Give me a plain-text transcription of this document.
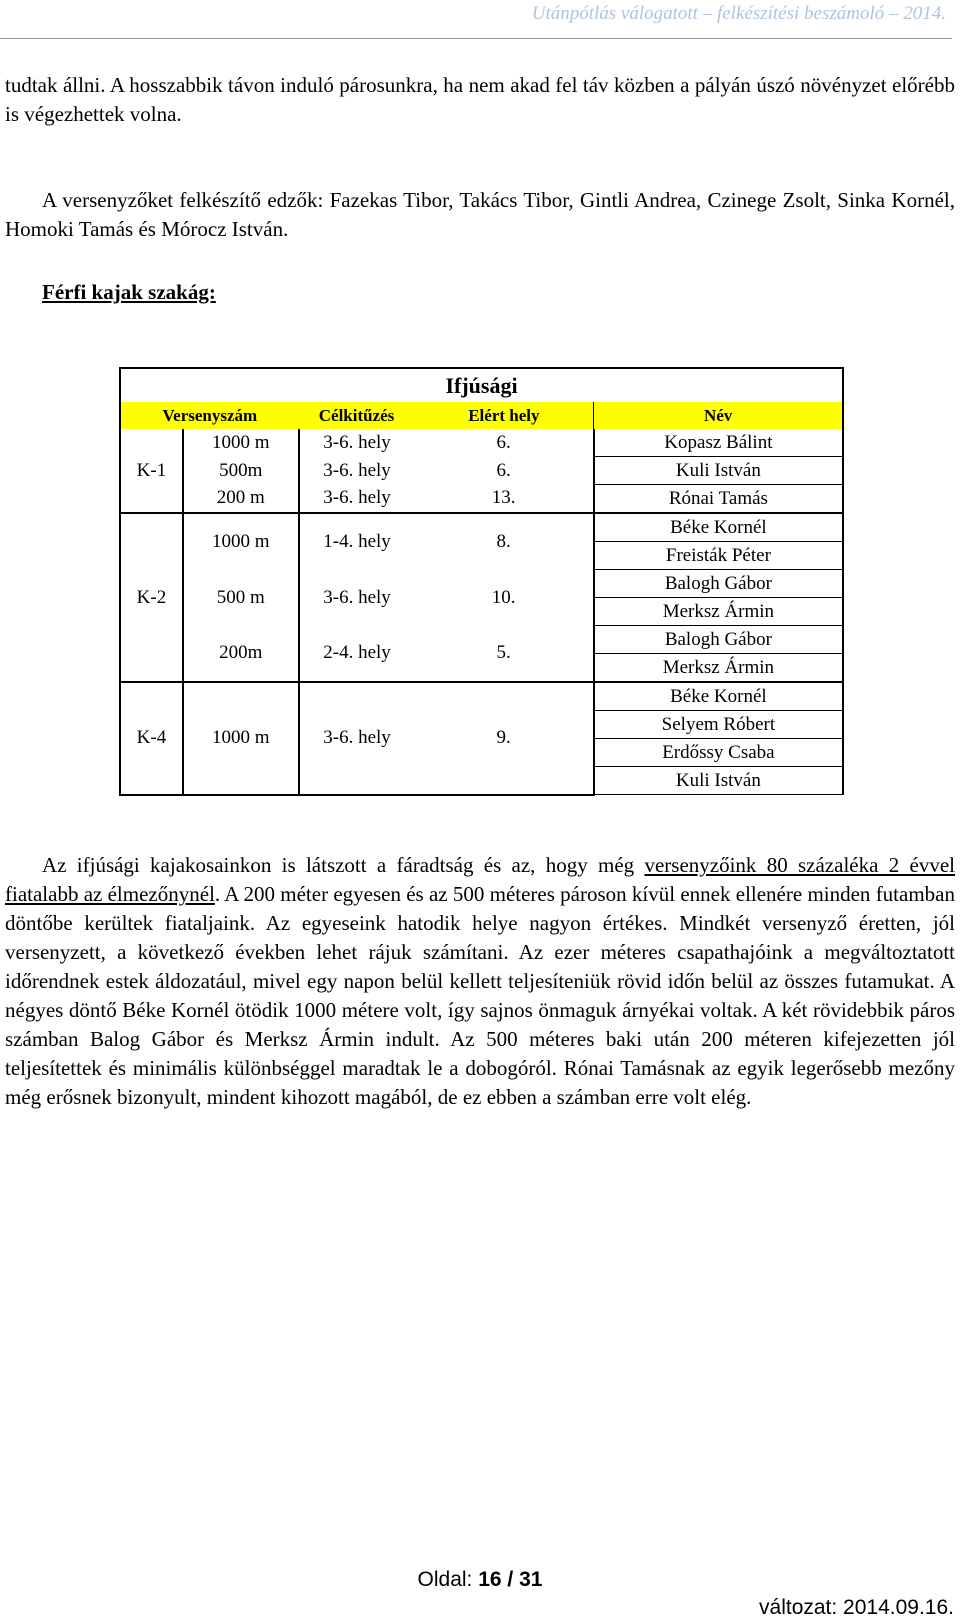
Utánpótlás válogatott – felkészítési beszámoló – 2014.

tudtak állni. A hosszabbik távon induló párosunkra, ha nem akad fel táv közben a pályán úszó növényzet előrébb is végezhettek volna.

A versenyzőket felkészítő edzők: Fazekas Tibor, Takács Tibor, Gintli Andrea, Czinege Zsolt, Sinka Kornél, Homoki Tamás és Mórocz István.

Férfi kajak szakág:
Ifjúsági				
Versenyszám		Célkitűzés	Elért hely	Név
K-1	1000 m	3-6. hely	6.	Kopasz Bálint
	500m	3-6. hely	6.	Kuli István
	200 m	3-6. hely	13.	Rónai Tamás
K-2	1000 m	1-4. hely	8.	Béke Kornél
				Freisták Péter
	500 m	3-6. hely	10.	Balogh Gábor
				Merksz Ármin
	200m	2-4. hely	5.	Balogh Gábor
				Merksz Ármin
K-4	1000 m	3-6. hely	9.	Béke Kornél
				Selyem Róbert
				Erdőssy Csaba
				Kuli István

Az ifjúsági kajakosainkon is látszott a fáradtság és az, hogy még versenyzőink 80 százaléka 2 évvel fiatalabb az élmezőnynél. A 200 méter egyesen és az 500 méteres pároson kívül ennek ellenére minden futamban döntőbe kerültek fiataljaink. Az egyeseink hatodik helye nagyon értékes. Mindkét versenyző éretten, jól versenyzett, a következő években lehet rájuk számítani. Az ezer méteres csapathajóink a megváltoztatott időrendnek estek áldozatául, mivel egy napon belül kellett teljesíteniük rövid időn belül az összes futamukat. A négyes döntő Béke Kornél ötödik 1000 métere volt, így sajnos önmaguk árnyékai voltak. A két rövidebbik páros számban Balog Gábor és Merksz Ármin indult. Az 500 méteres baki után 200 méteren kifejezetten jól teljesítettek és minimális különbséggel maradtak le a dobogóról. Rónai Tamásnak az egyik legerősebb mezőny még erősnek bizonyult, mindent kihozott magából, de ez ebben a számban erre volt elég.

Oldal: 16 / 31
változat: 2014.09.16.
